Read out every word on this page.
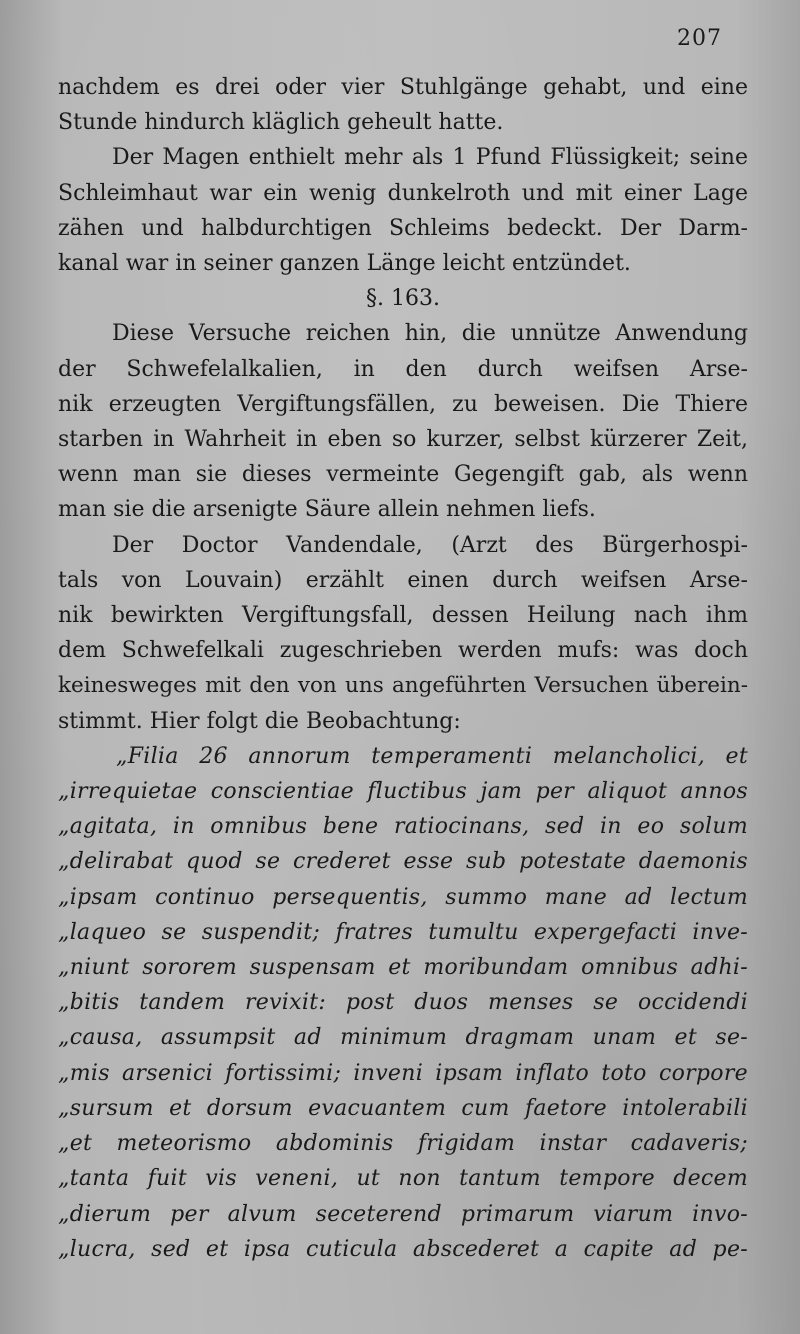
207
nachdem es drei oder vier Stuhlgänge gehabt, und eine
Stunde hindurch kläglich geheult hatte.
Der Magen enthielt mehr als 1 Pfund Flüssigkeit; seine
Schleimhaut war ein wenig dunkelroth und mit einer Lage
zähen und halbdurchtigen Schleims bedeckt. Der Darm-
kanal war in seiner ganzen Länge leicht entzündet.
§. 163.
Diese Versuche reichen hin, die unnütze Anwendung
der Schwefelalkalien, in den durch weifsen Arse-
nik erzeugten Vergiftungsfällen, zu beweisen. Die Thiere
starben in Wahrheit in eben so kurzer, selbst kürzerer Zeit,
wenn man sie dieses vermeinte Gegengift gab, als wenn
man sie die arsenigte Säure allein nehmen liefs.
Der Doctor Vandendale, (Arzt des Bürgerhospi-
tals von Louvain) erzählt einen durch weifsen Arse-
nik bewirkten Vergiftungsfall, dessen Heilung nach ihm
dem Schwefelkali zugeschrieben werden mufs: was doch
keinesweges mit den von uns angeführten Versuchen überein-
stimmt. Hier folgt die Beobachtung:
„Filia 26 annorum temperamenti melancholici, et
„irrequietae conscientiae fluctibus jam per aliquot annos
„agitata, in omnibus bene ratiocinans, sed in eo solum
„delirabat quod se crederet esse sub potestate daemonis
„ipsam continuo persequentis, summo mane ad lectum
„laqueo se suspendit; fratres tumultu expergefacti inve-
„niunt sororem suspensam et moribundam omnibus adhi-
„bitis tandem revixit: post duos menses se occidendi
„causa, assumpsit ad minimum dragmam unam et se-
„mis arsenici fortissimi; inveni ipsam inflato toto corpore
„sursum et dorsum evacuantem cum faetore intolerabili
„et meteorismo abdominis frigidam instar cadaveris;
„tanta fuit vis veneni, ut non tantum tempore decem
„dierum per alvum seceterend primarum viarum invo-
„lucra, sed et ipsa cuticula abscederet a capite ad pe-
